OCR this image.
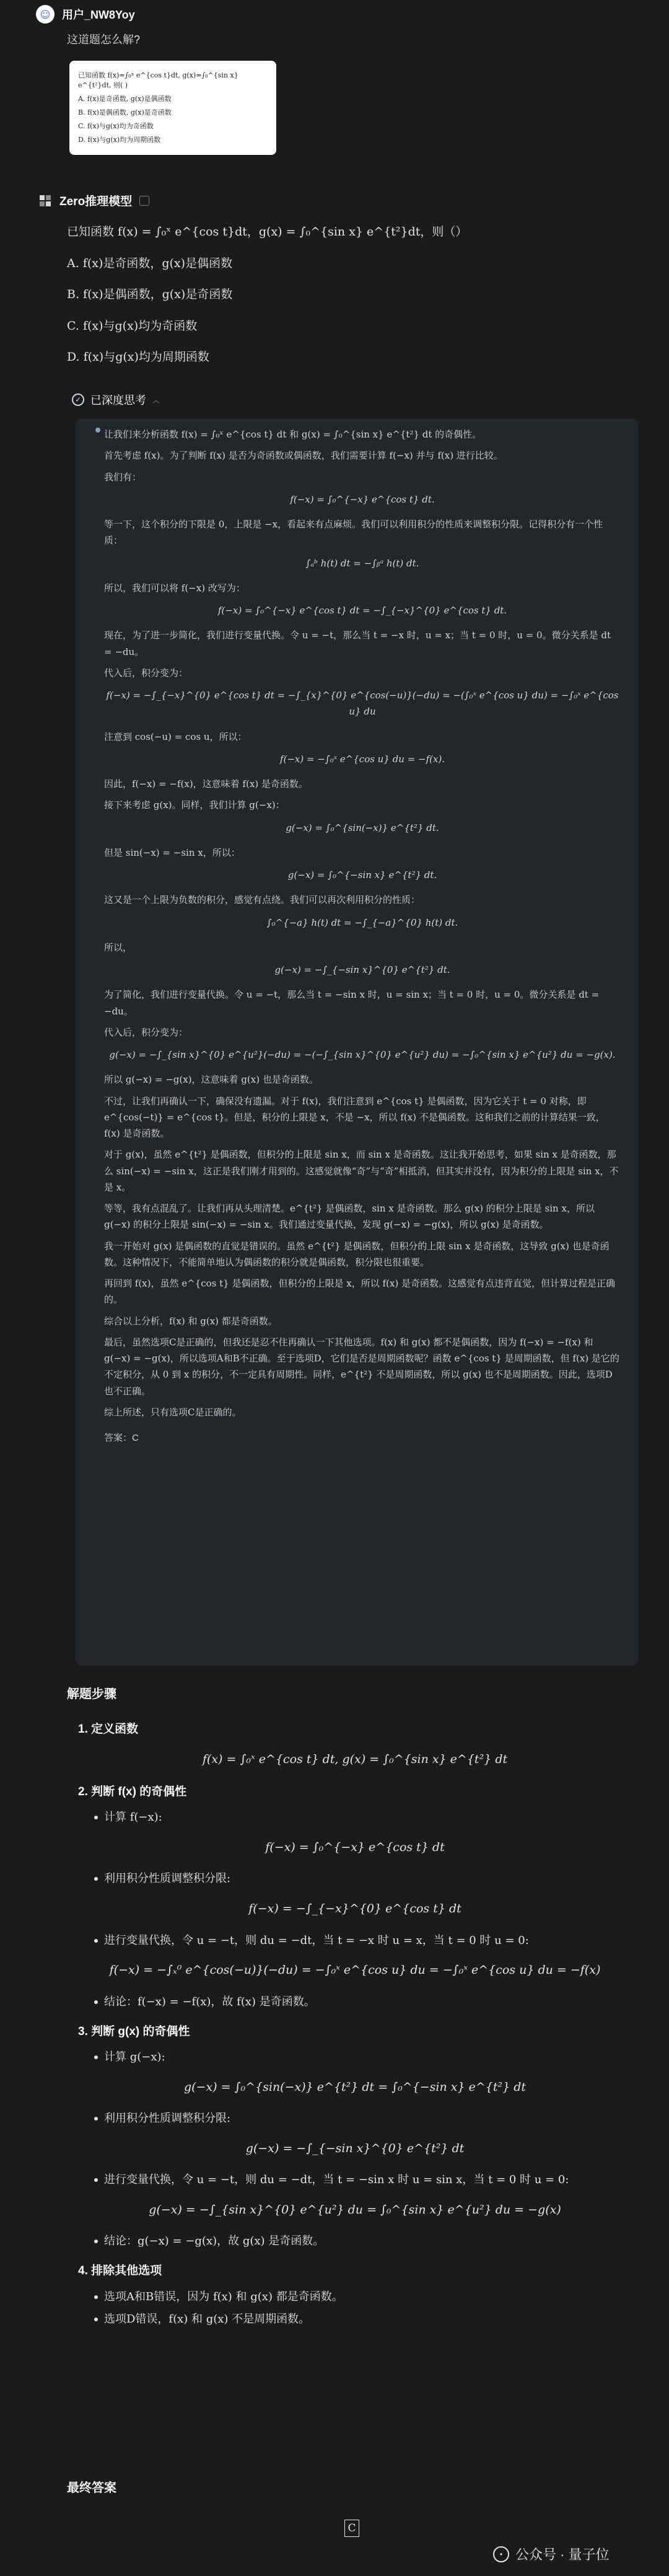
☺	用户_NW8Yoy
这道题怎么解?
已知函数 f(x)=∫₀ˣ e^{cos t}dt, g(x)=∫₀^{sin x} e^{t²}dt, 则( )
A. f(x)是奇函数, g(x)是偶函数
B. f(x)是偶函数, g(x)是奇函数
C. f(x)与g(x)均为奇函数
D. f(x)与g(x)均为周期函数
Zero推理模型
已知函数 f(x) = ∫₀ˣ e^{cos t}dt，g(x) = ∫₀^{sin x} e^{t²}dt，则（）
A. f(x)是奇函数，g(x)是偶函数
B. f(x)是偶函数，g(x)是奇函数
C. f(x)与g(x)均为奇函数
D. f(x)与g(x)均为周期函数
✓ 已深度思考 ︿

让我们来分析函数 f(x) = ∫₀ˣ e^{cos t} dt 和 g(x) = ∫₀^{sin x} e^{t²} dt 的奇偶性。

首先考虑 f(x)。为了判断 f(x) 是否为奇函数或偶函数，我们需要计算 f(−x) 并与 f(x) 进行比较。

我们有：

f(−x) = ∫₀^{−x} e^{cos t} dt.

等一下，这个积分的下限是 0，上限是 −x，看起来有点麻烦。我们可以利用积分的性质来调整积分限。记得积分有一个性质：

∫ₐᵇ h(t) dt = −∫ᵦᵃ h(t) dt.

所以，我们可以将 f(−x) 改写为：

f(−x) = ∫₀^{−x} e^{cos t} dt = −∫_{−x}^{0} e^{cos t} dt.

现在，为了进一步简化，我们进行变量代换。令 u = −t，那么当 t = −x 时，u = x；当 t = 0 时，u = 0。微分关系是 dt = −du。

代入后，积分变为：

f(−x) = −∫_{−x}^{0} e^{cos t} dt = −∫_{x}^{0} e^{cos(−u)}(−du) = −(∫₀ˣ e^{cos u} du) = −∫₀ˣ e^{cos u} du

注意到 cos(−u) = cos u，所以：

f(−x) = −∫₀ˣ e^{cos u} du = −f(x).

因此，f(−x) = −f(x)，这意味着 f(x) 是奇函数。

接下来考虑 g(x)。同样，我们计算 g(−x)：

g(−x) = ∫₀^{sin(−x)} e^{t²} dt.

但是 sin(−x) = −sin x，所以：

g(−x) = ∫₀^{−sin x} e^{t²} dt.

这又是一个上限为负数的积分，感觉有点绕。我们可以再次利用积分的性质：

∫₀^{−a} h(t) dt = −∫_{−a}^{0} h(t) dt.

所以，

g(−x) = −∫_{−sin x}^{0} e^{t²} dt.

为了简化，我们进行变量代换。令 u = −t，那么当 t = −sin x 时，u = sin x；当 t = 0 时，u = 0。微分关系是 dt = −du。

代入后，积分变为：

g(−x) = −∫_{sin x}^{0} e^{u²}(−du) = −(−∫_{sin x}^{0} e^{u²} du) = −∫₀^{sin x} e^{u²} du = −g(x).

所以 g(−x) = −g(x)，这意味着 g(x) 也是奇函数。

不过，让我们再确认一下，确保没有遗漏。对于 f(x)，我们注意到 e^{cos t} 是偶函数，因为它关于 t = 0 对称，即 e^{cos(−t)} = e^{cos t}。但是，积分的上限是 x，不是 −x，所以 f(x) 不是偶函数。这和我们之前的计算结果一致，f(x) 是奇函数。

对于 g(x)，虽然 e^{t²} 是偶函数，但积分的上限是 sin x，而 sin x 是奇函数。这让我开始思考，如果 sin x 是奇函数，那么 sin(−x) = −sin x，这正是我们刚才用到的。这感觉就像“奇”与“奇”相抵消，但其实并没有，因为积分的上限是 sin x，不是 x。

等等，我有点混乱了。让我们再从头理清楚。e^{t²} 是偶函数，sin x 是奇函数。那么 g(x) 的积分上限是 sin x，所以 g(−x) 的积分上限是 sin(−x) = −sin x。我们通过变量代换，发现 g(−x) = −g(x)，所以 g(x) 是奇函数。

我一开始对 g(x) 是偶函数的直觉是错误的。虽然 e^{t²} 是偶函数，但积分的上限 sin x 是奇函数，这导致 g(x) 也是奇函数。这种情况下，不能简单地认为偶函数的积分就是偶函数，积分限也很重要。

再回到 f(x)，虽然 e^{cos t} 是偶函数，但积分的上限是 x，所以 f(x) 是奇函数。这感觉有点违背直觉，但计算过程是正确的。

综合以上分析，f(x) 和 g(x) 都是奇函数。

最后，虽然选项C是正确的，但我还是忍不住再确认一下其他选项。f(x) 和 g(x) 都不是偶函数，因为 f(−x) = −f(x) 和 g(−x) = −g(x)，所以选项A和B不正确。至于选项D，它们是否是周期函数呢？函数 e^{cos t} 是周期函数，但 f(x) 是它的不定积分，从 0 到 x 的积分，不一定具有周期性。同样，e^{t²} 不是周期函数，所以 g(x) 也不是周期函数。因此，选项D也不正确。

综上所述，只有选项C是正确的。

答案：C
解题步骤
1. 定义函数
f(x) = ∫₀ˣ e^{cos t} dt, g(x) = ∫₀^{sin x} e^{t²} dt
2. 判断 f(x) 的奇偶性
计算 f(−x):
f(−x) = ∫₀^{−x} e^{cos t} dt
利用积分性质调整积分限:
f(−x) = −∫_{−x}^{0} e^{cos t} dt
进行变量代换，令 u = −t，则 du = −dt，当 t = −x 时 u = x，当 t = 0 时 u = 0:
f(−x) = −∫ₓ⁰ e^{cos(−u)}(−du) = −∫₀ˣ e^{cos u} du = −∫₀ˣ e^{cos u} du = −f(x)
结论：f(−x) = −f(x)，故 f(x) 是奇函数。
3. 判断 g(x) 的奇偶性
计算 g(−x):
g(−x) = ∫₀^{sin(−x)} e^{t²} dt = ∫₀^{−sin x} e^{t²} dt
利用积分性质调整积分限:
g(−x) = −∫_{−sin x}^{0} e^{t²} dt
进行变量代换，令 u = −t，则 du = −dt，当 t = −sin x 时 u = sin x，当 t = 0 时 u = 0:
g(−x) = −∫_{sin x}^{0} e^{u²} du = ∫₀^{sin x} e^{u²} du = −g(x)
结论：g(−x) = −g(x)，故 g(x) 是奇函数。
4. 排除其他选项
选项A和B错误，因为 f(x) 和 g(x) 都是奇函数。
选项D错误，f(x) 和 g(x) 不是周期函数。
最终答案
C
• 公众号 · 量子位
